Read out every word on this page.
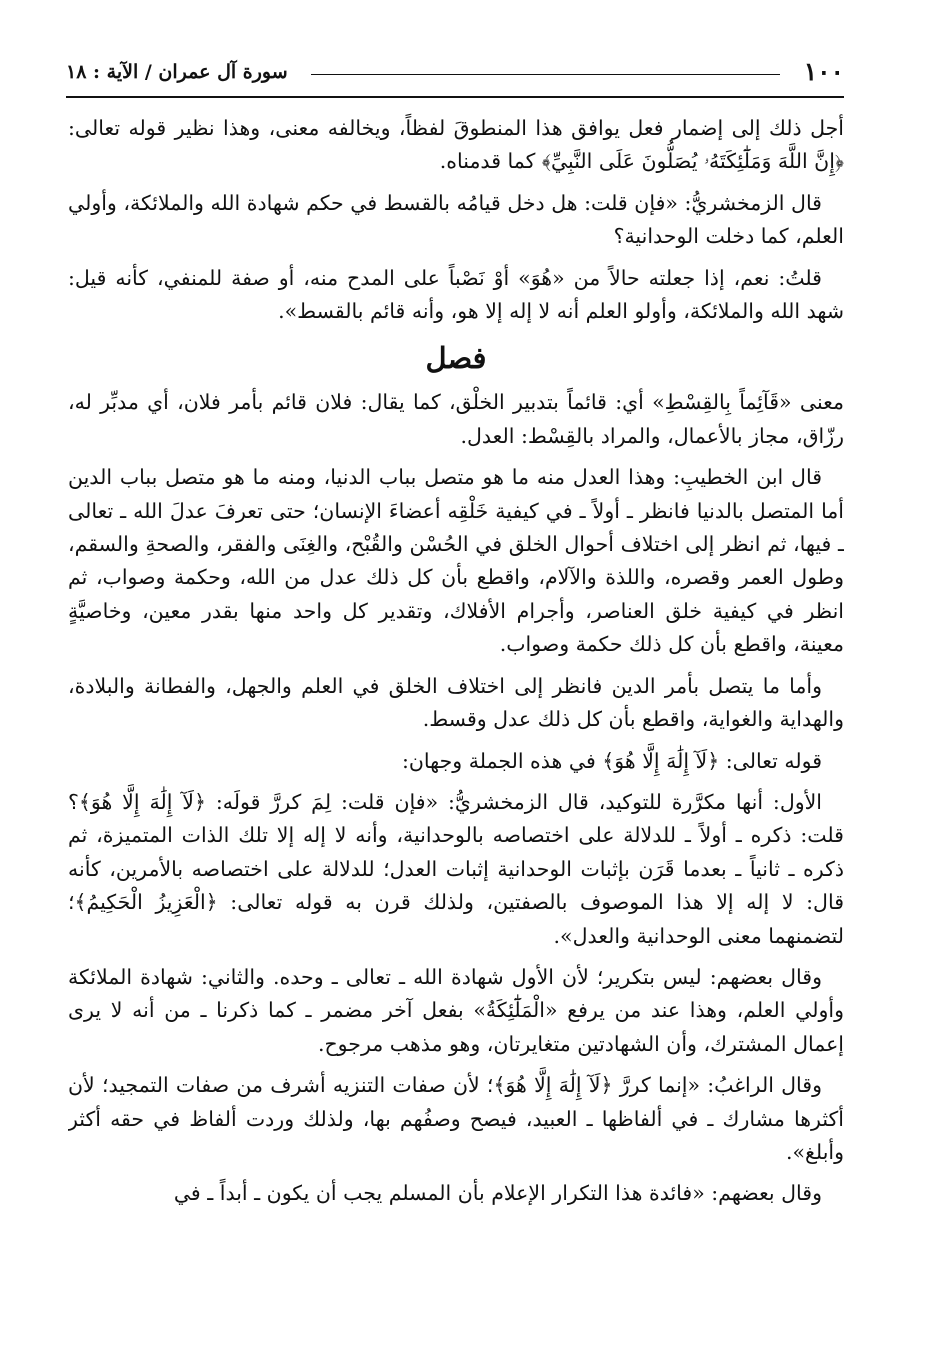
١٠٠
سورة آل عمران / الآية : ١٨

أجل ذلك إلى إضمار فعل يوافق هذا المنطوقَ لفظاً، ويخالفه معنى، وهذا نظير قوله تعالى: ﴿إِنَّ اللَّهَ وَمَلَٰٓئِكَتَهُۥ يُصَلُّونَ عَلَى النَّبِيِّ﴾ كما قدمناه.

قال الزمخشريُّ: «فإن قلت: هل دخل قيامُه بالقسط في حكم شهادة الله والملائكة، وأولي العلم، كما دخلت الوحدانية؟

قلتُ: نعم، إذا جعلته حالاً من «هُوَ» أوْ نَصْباً على المدح منه، أو صفة للمنفي، كأنه قيل: شهد الله والملائكة، وأولو العلم أنه لا إله إلا هو، وأنه قائم بالقسط».

فصل

معنى «قَآئِماً بِالقِسْطِ» أي: قائماً بتدبير الخلْق، كما يقال: فلان قائم بأمر فلان، أي مدبِّر له، رزّاق، مجاز بالأعمال، والمراد بالقِسْط: العدل.

قال ابن الخطيبِ: وهذا العدل منه ما هو متصل بباب الدنيا، ومنه ما هو متصل بباب الدين أما المتصل بالدنيا فانظر ـ أولاً ـ في كيفية خَلْقِه أعضاءَ الإنسان؛ حتى تعرفَ عدلَ الله ـ تعالى ـ فيها، ثم انظر إلى اختلاف أحوال الخلق في الحُسْن والقُبْح، والغِنَى والفقر، والصحةِ والسقم، وطول العمر وقصره، واللذة والآلام، واقطع بأن كل ذلك عدل من الله، وحكمة وصواب، ثم انظر في كيفية خلق العناصر، وأجرام الأفلاك، وتقدير كل واحد منها بقدر معين، وخاصيَّةٍ معينة، واقطع بأن كل ذلك حكمة وصواب.

وأما ما يتصل بأمر الدين فانظر إلى اختلاف الخلق في العلم والجهل، والفطانة والبلادة، والهداية والغواية، واقطع بأن كل ذلك عدل وقسط.

قوله تعالى: ﴿لَآ إِلَٰهَ إِلَّا هُوَ﴾ في هذه الجملة وجهان:

الأول: أنها مكرَّرة للتوكيد، قال الزمخشريُّ: «فإن قلت: لِمَ كررَّ قولَه: ﴿لَآ إِلَٰهَ إِلَّا هُوَ﴾؟ قلت: ذكره ـ أولاً ـ للدلالة على اختصاصه بالوحدانية، وأنه لا إله إلا تلك الذات المتميزة، ثم ذكره ـ ثانياً ـ بعدما قَرَن بإثبات الوحدانية إثبات العدل؛ للدلالة على اختصاصه بالأمرين، كأنه قال: لا إله إلا هذا الموصوف بالصفتين، ولذلك قرن به قوله تعالى: ﴿الْعَزِيزُ الْحَكِيمُ﴾؛ لتضمنهما معنى الوحدانية والعدل».

وقال بعضهم: ليس بتكرير؛ لأن الأول شهادة الله ـ تعالى ـ وحده. والثاني: شهادة الملائكة وأولي العلم، وهذا عند من يرفع «الْمَلَٰٓئِكَةُ» بفعل آخر مضمر ـ كما ذكرنا ـ من أنه لا يرى إعمال المشترك، وأن الشهادتين متغايرتان، وهو مذهب مرجوح.

وقال الراغبُ: «إنما كررَّ ﴿لَآ إِلَٰهَ إِلَّا هُوَ﴾؛ لأن صفات التنزيه أشرف من صفات التمجيد؛ لأن أكثرها مشارك ـ في ألفاظها ـ العبيد، فيصح وصفُهم بها، ولذلك وردت ألفاظ في حقه أكثر وأبلغ».

وقال بعضهم: «فائدة هذا التكرار الإعلام بأن المسلم يجب أن يكون ـ أبداً ـ في
